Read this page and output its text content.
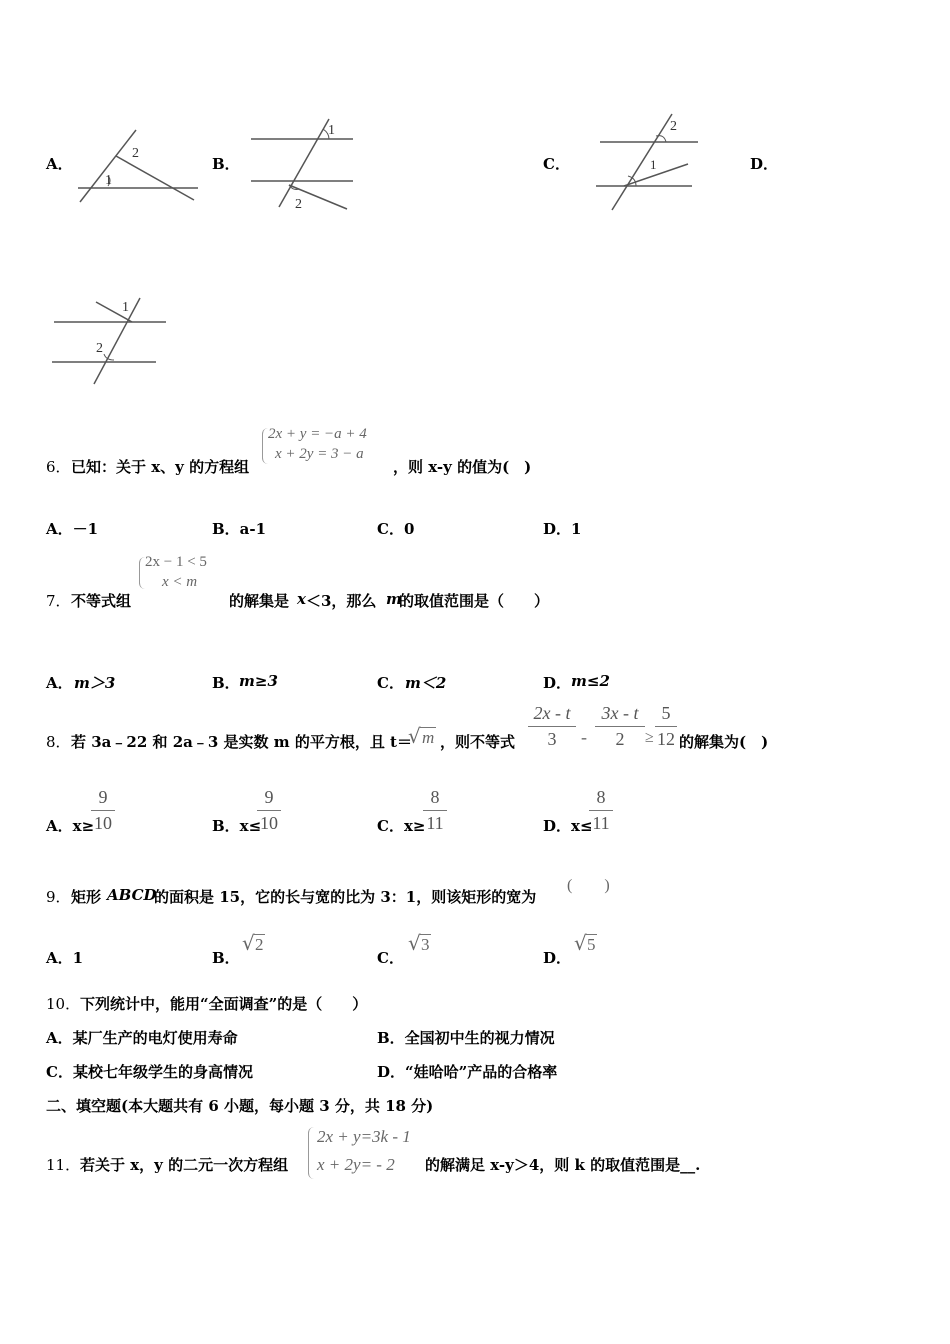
A．
1
2
B．
1
2
C．
2
1	D．
1
2
6． 已知：关于 x、y 的方程组
2x + y = −a + 4
x + 2y = 3 − a
，则 x-y 的值为(　)
A．－1	B．a-1	C．0	D．1
7． 不等式组
2x − 1 < 5
x < m
的解集是 x ＜3，那么 m
的取值范围是（　　）
A． m＞3	B． m≥3	C． m＜2	D． m≤2
8． 若 3a﹣22 和 2a﹣3 是实数 m 的平方根，且 t＝
√ m ，则不等式
2x - t
3	-
3x - t
2	≥
5
12 的解集为(　)
A．x≥
9
10	B．x≤
9
10	C．x≥
8
11	D．x≤
8
11
9． 矩形 ABCD
的面积是 15，它的长与宽的比为 3：1，则该矩形的宽为
(　　)
A．1	B．
√ 2
C．
√ 3
D．
√ 5
10． 下列统计中，能用“全面调查”的是（　　）
A．某厂生产的电灯使用寿命	B．全国初中生的视力情况
C．某校七年级学生的身高情况	D．“娃哈哈”产品的合格率
二、填空题(本大题共有 6 小题，每小题 3 分，共 18 分)
11． 若关于 x，y 的二元一次方程组
2x + y=3k - 1
x + 2y= - 2 的解满足 x-y＞4，则 k 的取值范围是__.
